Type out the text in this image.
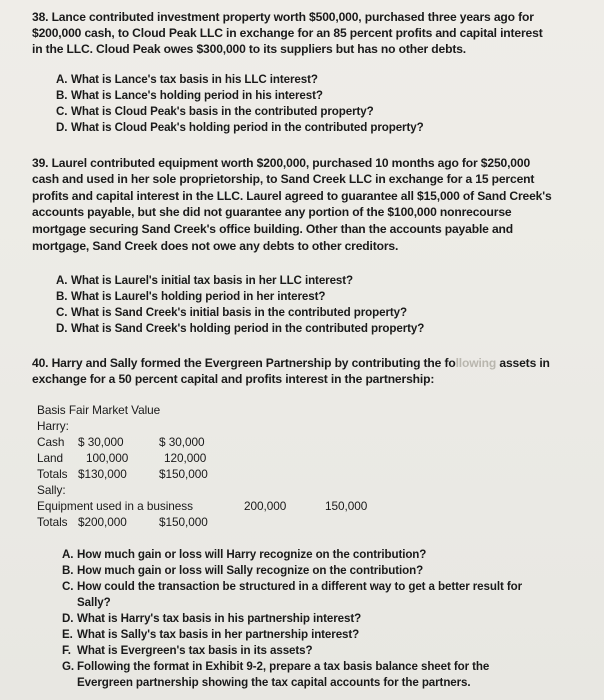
38. Lance contributed investment property worth $500,000, purchased three years ago for
$200,000 cash, to Cloud Peak LLC in exchange for an 85 percent profits and capital interest
in the LLC. Cloud Peak owes $300,000 to its suppliers but has no other debts.
A. What is Lance's tax basis in his LLC interest?
B. What is Lance's holding period in his interest?
C. What is Cloud Peak's basis in the contributed property?
D. What is Cloud Peak's holding period in the contributed property?
39. Laurel contributed equipment worth $200,000, purchased 10 months ago for $250,000
cash and used in her sole proprietorship, to Sand Creek LLC in exchange for a 15 percent
profits and capital interest in the LLC. Laurel agreed to guarantee all $15,000 of Sand Creek's
accounts payable, but she did not guarantee any portion of the $100,000 nonrecourse
mortgage securing Sand Creek's office building. Other than the accounts payable and
mortgage, Sand Creek does not owe any debts to other creditors.
A. What is Laurel's initial tax basis in her LLC interest?
B. What is Laurel's holding period in her interest?
C. What is Sand Creek's initial basis in the contributed property?
D. What is Sand Creek's holding period in the contributed property?
40. Harry and Sally formed the Evergreen Partnership by contributing the following assets in
exchange for a 50 percent capital and profits interest in the partnership:
Basis Fair Market Value
Harry:
Cash $ 30,000	$ 30,000
Land 100,000	120,000
Totals $130,000	$150,000
Sally:
Equipment used in a business	200,000	150,000
Totals $200,000	$150,000
A. How much gain or loss will Harry recognize on the contribution?
B. How much gain or loss will Sally recognize on the contribution?
C. How could the transaction be structured in a different way to get a better result for
Sally?
D. What is Harry's tax basis in his partnership interest?
E. What is Sally's tax basis in her partnership interest?
F. What is Evergreen's tax basis in its assets?
G. Following the format in Exhibit 9-2, prepare a tax basis balance sheet for the
Evergreen partnership showing the tax capital accounts for the partners.
